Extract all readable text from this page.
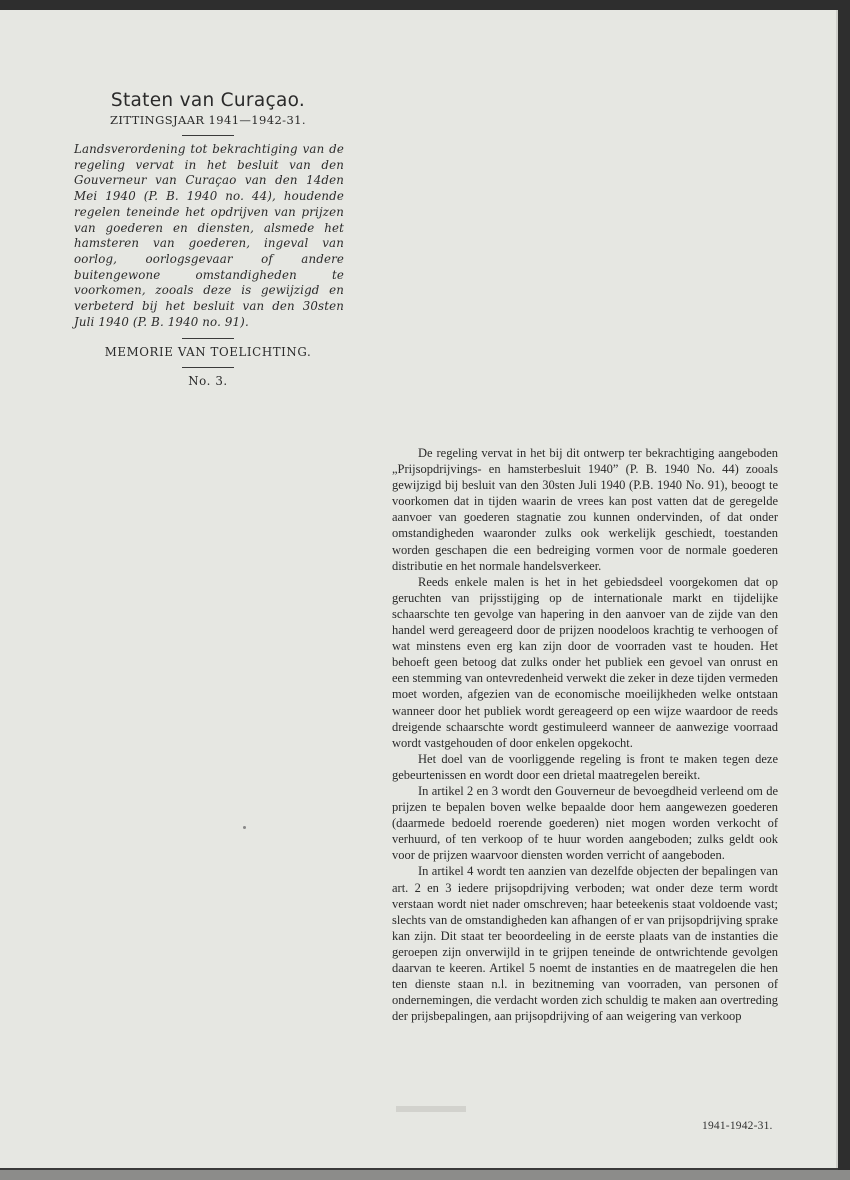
Staten van Curaçao.

ZITTINGSJAAR 1941—1942-31.

Landsverordening tot bekrachtiging van de regeling vervat in het besluit van den Gouverneur van Curaçao van den 14den Mei 1940 (P. B. 1940 no. 44), houdende regelen teneinde het opdrijven van prijzen van goederen en diensten, alsmede het hamsteren van goederen, ingeval van oorlog, oorlogsgevaar of andere buitengewone omstandigheden te voorkomen, zooals deze is gewijzigd en verbeterd bij het besluit van den 30sten Juli 1940 (P. B. 1940 no. 91).

MEMORIE VAN TOELICHTING.

No. 3.

De regeling vervat in het bij dit ontwerp ter bekrachtiging aangeboden „Prijsopdrijvings- en hamsterbesluit 1940” (P. B. 1940 No. 44) zooals gewijzigd bij besluit van den 30sten Juli 1940 (P.B. 1940 No. 91), beoogt te voorkomen dat in tijden waarin de vrees kan post vatten dat de geregelde aanvoer van goederen stagnatie zou kunnen ondervinden, of dat onder omstandigheden waaronder zulks ook werkelijk geschiedt, toestanden worden geschapen die een bedreiging vormen voor de normale goederen distributie en het normale handelsverkeer.

Reeds enkele malen is het in het gebiedsdeel voorgekomen dat op geruchten van prijsstijging op de internationale markt en tijdelijke schaarschte ten gevolge van hapering in den aanvoer van de zijde van den handel werd gereageerd door de prijzen noodeloos krachtig te verhoogen of wat minstens even erg kan zijn door de voorraden vast te houden. Het behoeft geen betoog dat zulks onder het publiek een gevoel van onrust en een stemming van ontevredenheid verwekt die zeker in deze tijden vermeden moet worden, afgezien van de economische moeilijkheden welke ontstaan wanneer door het publiek wordt gereageerd op een wijze waardoor de reeds dreigende schaarschte wordt gestimuleerd wanneer de aanwezige voorraad wordt vastgehouden of door enkelen opgekocht.

Het doel van de voorliggende regeling is front te maken tegen deze gebeurtenissen en wordt door een drietal maatregelen bereikt.

In artikel 2 en 3 wordt den Gouverneur de bevoegdheid verleend om de prijzen te bepalen boven welke bepaalde door hem aangewezen goederen (daarmede bedoeld roerende goederen) niet mogen worden verkocht of verhuurd, of ten verkoop of te huur worden aangeboden; zulks geldt ook voor de prijzen waarvoor diensten worden verricht of aangeboden.

In artikel 4 wordt ten aanzien van dezelfde objecten der bepalingen van art. 2 en 3 iedere prijsopdrijving verboden; wat onder deze term wordt verstaan wordt niet nader omschreven; haar beteekenis staat voldoende vast; slechts van de omstandigheden kan afhangen of er van prijsopdrijving sprake kan zijn. Dit staat ter beoordeeling in de eerste plaats van de instanties die geroepen zijn onverwijld in te grijpen teneinde de ontwrichtende gevolgen daarvan te keeren. Artikel 5 noemt de instanties en de maatregelen die hen ten dienste staan n.l. in bezitneming van voorraden, van personen of ondernemingen, die verdacht worden zich schuldig te maken aan overtreding der prijsbepalingen, aan prijsopdrijving of aan weigering van verkoop

1941-1942-31.
